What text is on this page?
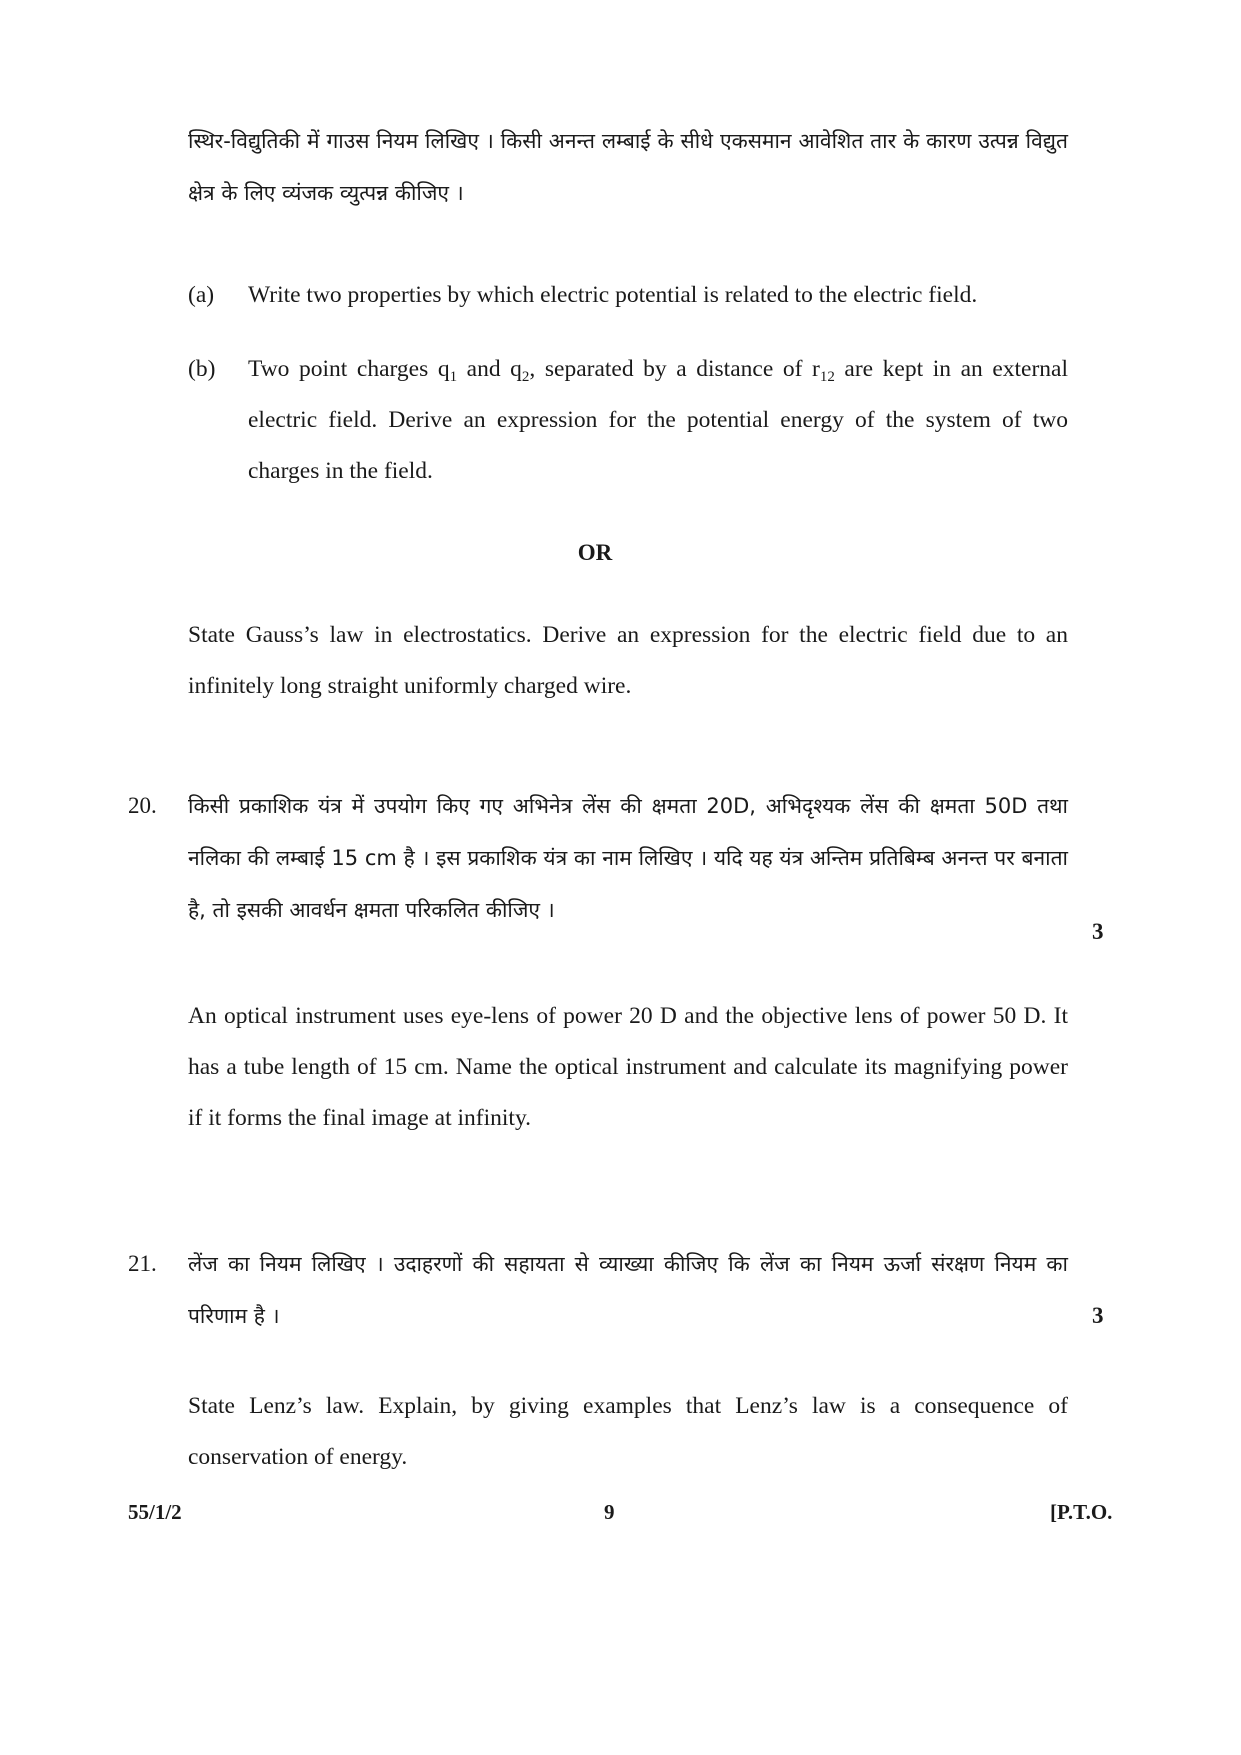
स्थिर-विद्युतिकी में गाउस नियम लिखिए । किसी अनन्त लम्बाई के सीधे एकसमान आवेशित तार के कारण उत्पन्न विद्युत क्षेत्र के लिए व्यंजक व्युत्पन्न कीजिए ।
(a) Write two properties by which electric potential is related to the electric field.
(b) Two point charges $q_1$ and $q_2$, separated by a distance of $r_{12}$ are kept in an external electric field. Derive an expression for the potential energy of the system of two charges in the field.
OR
State Gauss’s law in electrostatics. Derive an expression for the electric field due to an infinitely long straight uniformly charged wire.
20. किसी प्रकाशिक यंत्र में उपयोग किए गए अभिनेत्र लेंस की क्षमता 20D, अभिदृश्यक लेंस की क्षमता 50D तथा नलिका की लम्बाई 15 cm है । इस प्रकाशिक यंत्र का नाम लिखिए । यदि यह यंत्र अन्तिम प्रतिबिम्ब अनन्त पर बनाता है, तो इसकी आवर्धन क्षमता परिकलित कीजिए ।
3
An optical instrument uses eye-lens of power 20 D and the objective lens of power 50 D. It has a tube length of 15 cm. Name the optical instrument and calculate its magnifying power if it forms the final image at infinity.
21. लेंज का नियम लिखिए । उदाहरणों की सहायता से व्याख्या कीजिए कि लेंज का नियम ऊर्जा संरक्षण नियम का परिणाम है ।	3
State Lenz’s law. Explain, by giving examples that Lenz’s law is a consequence of conservation of energy.
55/1/2	9	[P.T.O.
